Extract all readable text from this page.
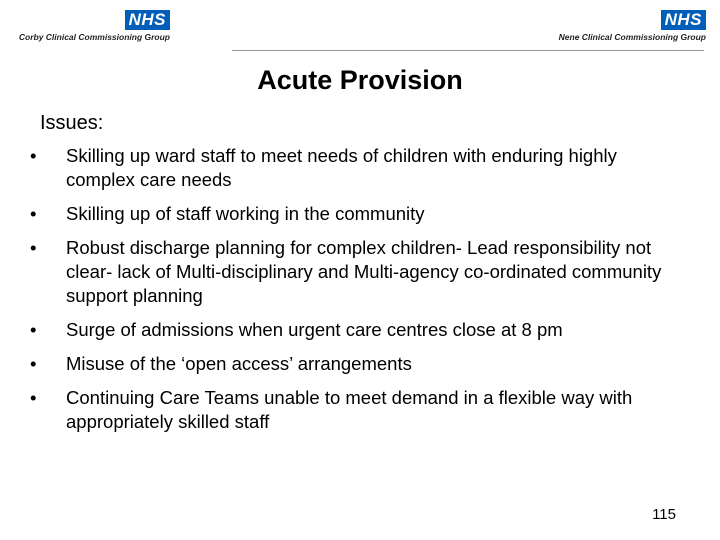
NHS
Corby Clinical Commissioning Group
NHS
Nene Clinical Commissioning Group
Acute Provision
Issues:
•	Skilling up ward staff to meet needs of children with enduring highly complex care needs
•	Skilling up of staff working in the community
•	Robust discharge planning for complex children- Lead responsibility not clear- lack of Multi-disciplinary and Multi-agency co-ordinated community support planning
•	Surge of admissions when urgent care centres close at 8 pm
•	Misuse of the ‘open access’ arrangements
•	Continuing Care Teams unable to meet demand in a flexible way with appropriately skilled staff
115
